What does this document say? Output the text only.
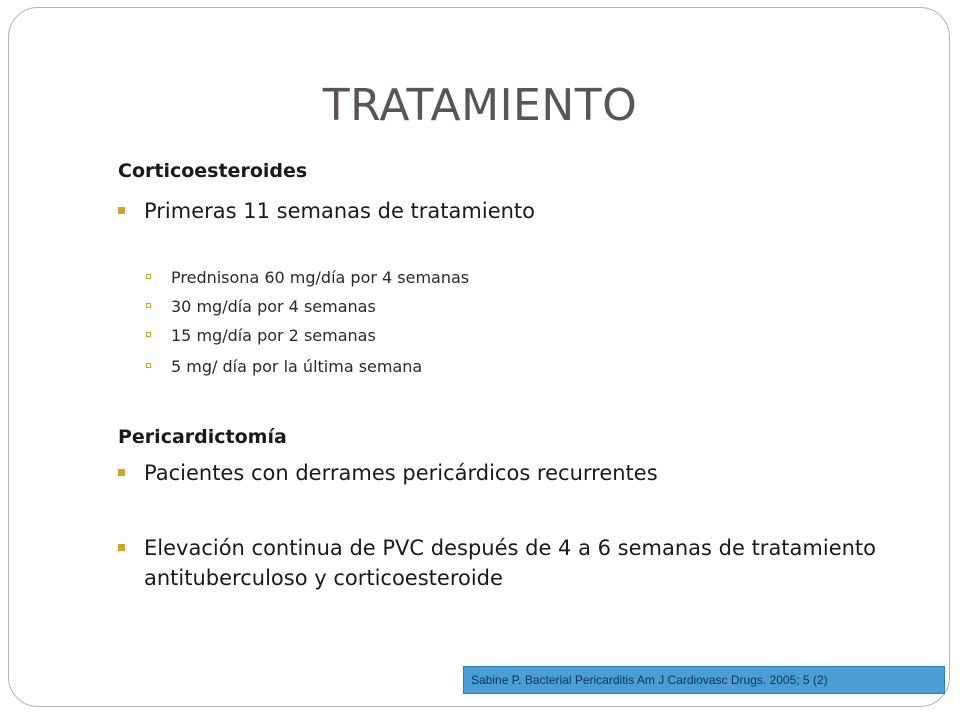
TRATAMIENTO
Corticoesteroides
Primeras 11 semanas de tratamiento
Prednisona 60 mg/día por 4 semanas
30 mg/día por 4 semanas
15 mg/día por 2 semanas
5 mg/ día por la última semana
Pericardictomía
Pacientes con derrames pericárdicos recurrentes
Elevación continua de PVC después de 4 a 6 semanas de tratamiento antituberculoso y corticoesteroide
Sabine P. Bacterial Pericarditis Am J Cardiovasc Drugs. 2005; 5 (2)
